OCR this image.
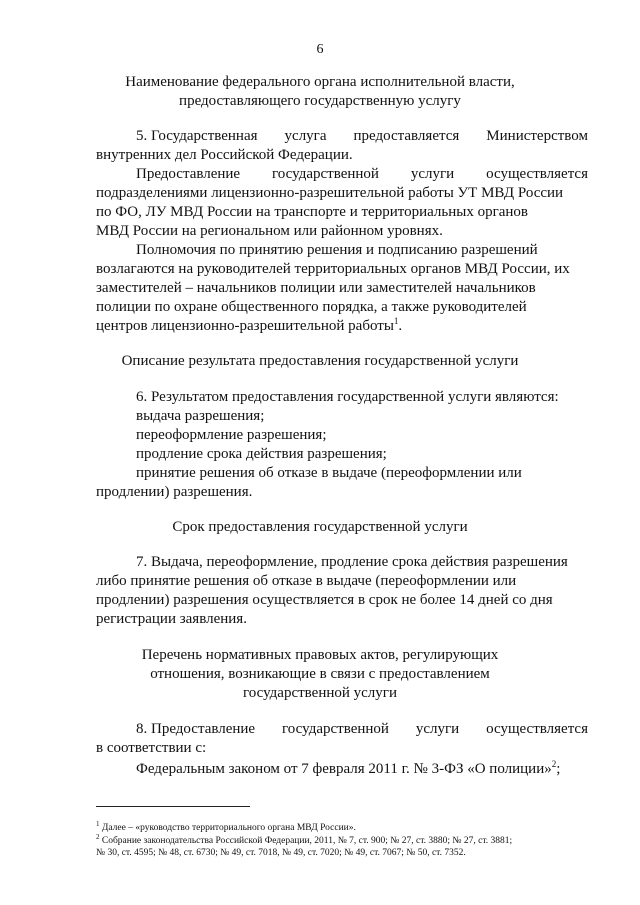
6
Наименование федерального органа исполнительной власти,
предоставляющего государственную услугу
5. Государственная услуга предоставляется Министерством
внутренних дел Российской Федерации.
Предоставление государственной услуги осуществляется
подразделениями лицензионно-разрешительной работы УТ МВД России
по ФО, ЛУ МВД России на транспорте и территориальных органов
МВД России на региональном или районном уровнях.
Полномочия по принятию решения и подписанию разрешений
возлагаются на руководителей территориальных органов МВД России, их
заместителей – начальников полиции или заместителей начальников
полиции по охране общественного порядка, а также руководителей
центров лицензионно-разрешительной работы$^1$.
Описание результата предоставления государственной услуги
6. Результатом предоставления государственной услуги являются:
выдача разрешения;
переоформление разрешения;
продление срока действия разрешения;
принятие решения об отказе в выдаче (переоформлении или
продлении) разрешения.
Срок предоставления государственной услуги
7. Выдача, переоформление, продление срока действия разрешения
либо принятие решения об отказе в выдаче (переоформлении или
продлении) разрешения осуществляется в срок не более 14 дней со дня
регистрации заявления.
Перечень нормативных правовых актов, регулирующих
отношения, возникающие в связи с предоставлением
государственной услуги
8. Предоставление государственной услуги осуществляется
в соответствии с:
Федеральным законом от 7 февраля 2011 г. № 3-ФЗ «О полиции»$^2$;
$^1$ Далее – «руководство территориального органа МВД России».
$^2$ Собрание законодательства Российской Федерации, 2011, № 7, ст. 900; № 27, ст. 3880; № 27, ст. 3881;
№ 30, ст. 4595; № 48, ст. 6730; № 49, ст. 7018, № 49, ст. 7020; № 49, ст. 7067; № 50, ст. 7352.
